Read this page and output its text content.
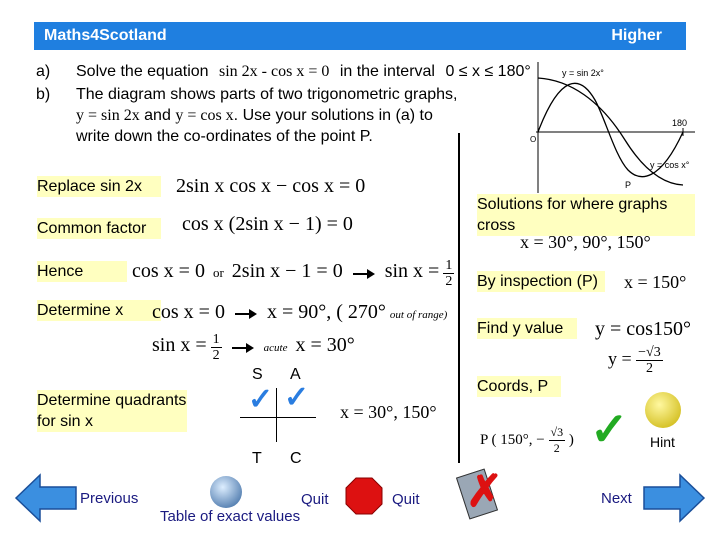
Maths4Scotland	Higher
a)
b)
Solve the equation sin 2x - cos x = 0 in the interval 0 ≤ x ≤ 180°
The diagram shows parts of two trigonometric graphs,
y = sin 2x and y = cos x. Use your solutions in (a) to
write down the co-ordinates of the point P.
y = sin 2x°
y = cos x°
180
O
P
Replace sin 2x
Common factor
Hence
Determine x
Determine quadrants for sin x
2sin x cos x − cos x = 0
cos x (2sin x − 1) = 0
cos x = 0 or 2sin x − 1 = 0 $\sin x = \frac{1}{2}$
cos x = 0 x = 90°, ( 270° out of range)
$\sin x = \frac{1}{2}$	acute x = 30°
S A
T C
✓ ✓ x = 30°, 150°
Solutions for where graphs cross
x = 30°, 90°, 150°
By inspection (P)	x = 150°
Find y value	y = cos150°
$y = \frac{-√3}{2}$
Coords, P
P ( 150°, − $\frac{√3}{2}$ ) ✓ Hint
Previous
Table of exact values
Quit	Quit ✗	Next
